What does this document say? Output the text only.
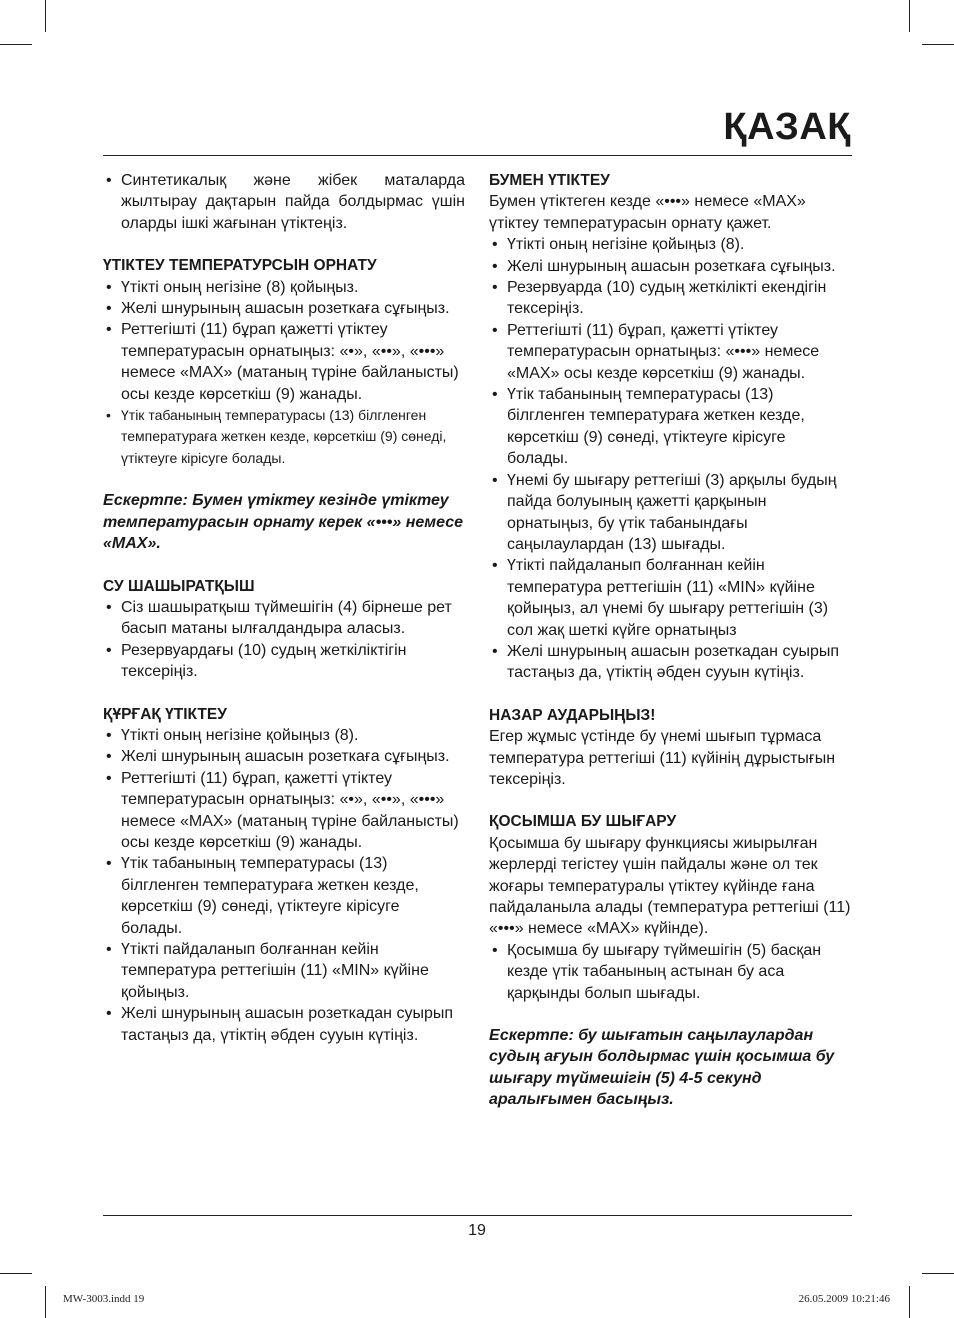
ҚАЗАҚ
• Синтетикалық және жібек маталарда жылтырау дақтарын пайда болдырмас үшін оларды ішкі жағынан үтіктеңіз.
ҮТІКТЕУ ТЕМПЕРАТУРСЫН ОРНАТУ
• Үтікті оның негізіне (8) қойыңыз.
• Желі шнурының ашасын розеткаға сұғыңыз.
• Реттегішті (11) бұрап қажетті үтіктеу температурасын орнатыңыз: «•», «••», «•••» немесе «MAX» (матаның түріне байланысты) осы кезде көрсеткіш (9) жанады.
• Үтік табанының температурасы (13) білгленген температураға жеткен кезде, көрсеткіш (9) сөнеді, үтіктеуге кірісуге болады.

Ескертпе: Бумен үтіктеу кезінде үтіктеу температурасын орнату керек «•••» немесе «MAX».

СУ ШАШЫРАТҚЫШ
• Сіз шашыратқыш түймешігін (4) бірнеше рет басып матаны ылғалдандыра аласыз.
• Резервуардағы (10) судың жеткіліктігін тексеріңіз.
ҚҰРҒАҚ ҮТІКТЕУ
• Үтікті оның негізіне қойыңыз (8).
• Желі шнурының ашасын розеткаға сұғыңыз.
• Реттегішті (11) бұрап, қажетті үтіктеу температурасын орнатыңыз: «•», «••», «•••» немесе «MAX» (матаның түріне байланысты) осы кезде көрсеткіш (9) жанады.
• Үтік табанының температурасы (13) білгленген температураға жеткен кезде, көрсеткіш (9) сөнеді, үтіктеуге кірісуге болады.
• Үтікті пайдаланып болғаннан кейін температура реттегішін (11) «MIN» күйіне қойыңыз.
• Желі шнурының ашасын розеткадан суырып тастаңыз да, үтіктің әбден сууын күтіңіз.
БУМЕН ҮТІКТЕУ

Бумен үтіктеген кезде «•••» немесе «MAX» үтіктеу температурасын орнату қажет.

• Үтікті оның негізіне қойыңыз (8).
• Желі шнурының ашасын розеткаға сұғыңыз.
• Резервуарда (10) судың жеткілікті екендігін тексеріңіз.
• Реттегішті (11) бұрап, қажетті үтіктеу температурасын орнатыңыз: «•••» немесе «MAX» осы кезде көрсеткіш (9) жанады.
• Үтік табанының температурасы (13) білгленген температураға жеткен кезде, көрсеткіш (9) сөнеді, үтіктеуге кірісуге болады.
• Үнемі бу шығару реттегіші (3) арқылы будың пайда болуының қажетті қарқынын орнатыңыз, бу үтік табанындағы саңылаулардан (13) шығады.
• Үтікті пайдаланып болғаннан кейін температура реттегішін (11) «MIN» күйіне қойыңыз, ал үнемі бу шығару реттегішін (3) сол жақ шеткі күйге орнатыңыз
• Желі шнурының ашасын розеткадан суырып тастаңыз да, үтіктің әбден сууын күтіңіз.
НАЗАР АУДАРЫҢЫЗ!

Егер жұмыс үстінде бу үнемі шығып тұрмаса температура реттегіші (11) күйінің дұрыстығын тексеріңіз.

ҚОСЫМША БУ ШЫҒАРУ

Қосымша бу шығару функциясы жиырылған жерлерді тегістеу үшін пайдалы және ол тек жоғары температуралы үтіктеу күйінде ғана пайдаланыла алады (температура реттегіші (11) «•••» немесе «MAX» күйінде).

• Қосымша бу шығару түймешігін (5) басқан кезде үтік табанының астынан бу аса қарқынды болып шығады.

Ескертпе: бу шығатын саңылаулардан судың ағуын болдырмас үшін қосымша бу шығару түймешігін (5) 4-5 секунд аралығымен басыңыз.

19
MW-3003.indd 19	26.05.2009 10:21:46
